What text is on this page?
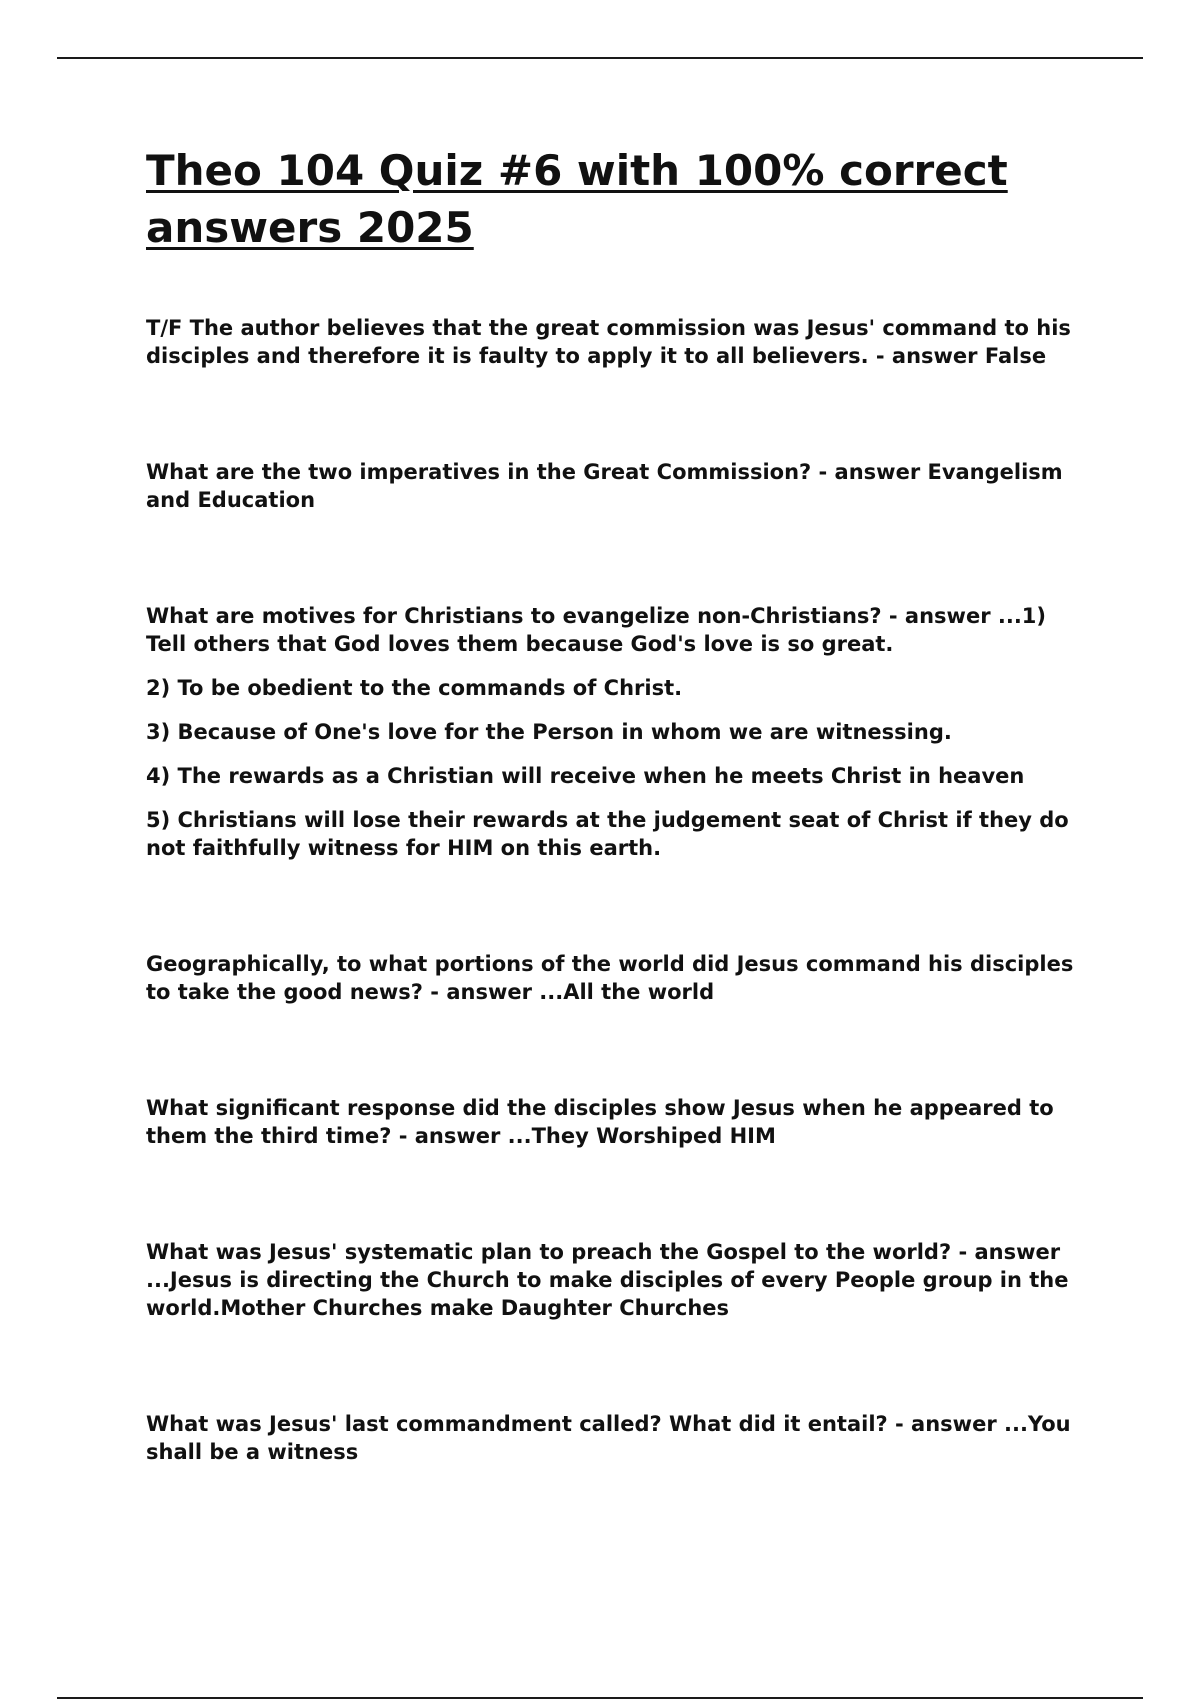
Theo 104 Quiz #6 with 100% correct answers 2025

T/F The author believes that the great commission was Jesus' command to his disciples and therefore it is faulty to apply it to all believers. - answer False

What are the two imperatives in the Great Commission? - answer Evangelism and Education

What are motives for Christians to evangelize non-Christians? - answer ...1) Tell others that God loves them because God's love is so great.

2) To be obedient to the commands of Christ.

3) Because of One's love for the Person in whom we are witnessing.

4) The rewards as a Christian will receive when he meets Christ in heaven

5) Christians will lose their rewards at the judgement seat of Christ if they do not faithfully witness for HIM on this earth.

Geographically, to what portions of the world did Jesus command his disciples to take the good news? - answer ...All the world

What significant response did the disciples show Jesus when he appeared to them the third time? - answer ...They Worshiped HIM

What was Jesus' systematic plan to preach the Gospel to the world? - answer ...Jesus is directing the Church to make disciples of every People group in the world.Mother Churches make Daughter Churches

What was Jesus' last commandment called? What did it entail? - answer ...You shall be a witness
